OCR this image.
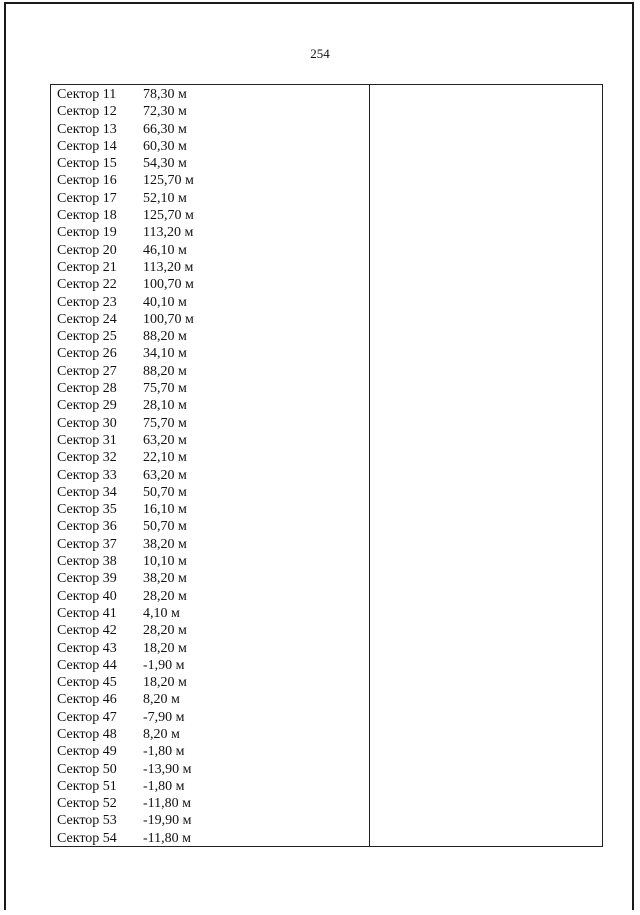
254
Сектор 11 78,30 м
Сектор 12 72,30 м
Сектор 13 66,30 м
Сектор 14 60,30 м
Сектор 15 54,30 м
Сектор 16 125,70 м
Сектор 17 52,10 м
Сектор 18 125,70 м
Сектор 19 113,20 м
Сектор 20 46,10 м
Сектор 21 113,20 м
Сектор 22 100,70 м
Сектор 23 40,10 м
Сектор 24 100,70 м
Сектор 25 88,20 м
Сектор 26 34,10 м
Сектор 27 88,20 м
Сектор 28 75,70 м
Сектор 29 28,10 м
Сектор 30 75,70 м
Сектор 31 63,20 м
Сектор 32 22,10 м
Сектор 33 63,20 м
Сектор 34 50,70 м
Сектор 35 16,10 м
Сектор 36 50,70 м
Сектор 37 38,20 м
Сектор 38 10,10 м
Сектор 39 38,20 м
Сектор 40 28,20 м
Сектор 41 4,10 м
Сектор 42 28,20 м
Сектор 43 18,20 м
Сектор 44 -1,90 м
Сектор 45 18,20 м
Сектор 46 8,20 м
Сектор 47 -7,90 м
Сектор 48 8,20 м
Сектор 49 -1,80 м
Сектор 50 -13,90 м
Сектор 51 -1,80 м
Сектор 52 -11,80 м
Сектор 53 -19,90 м
Сектор 54 -11,80 м
